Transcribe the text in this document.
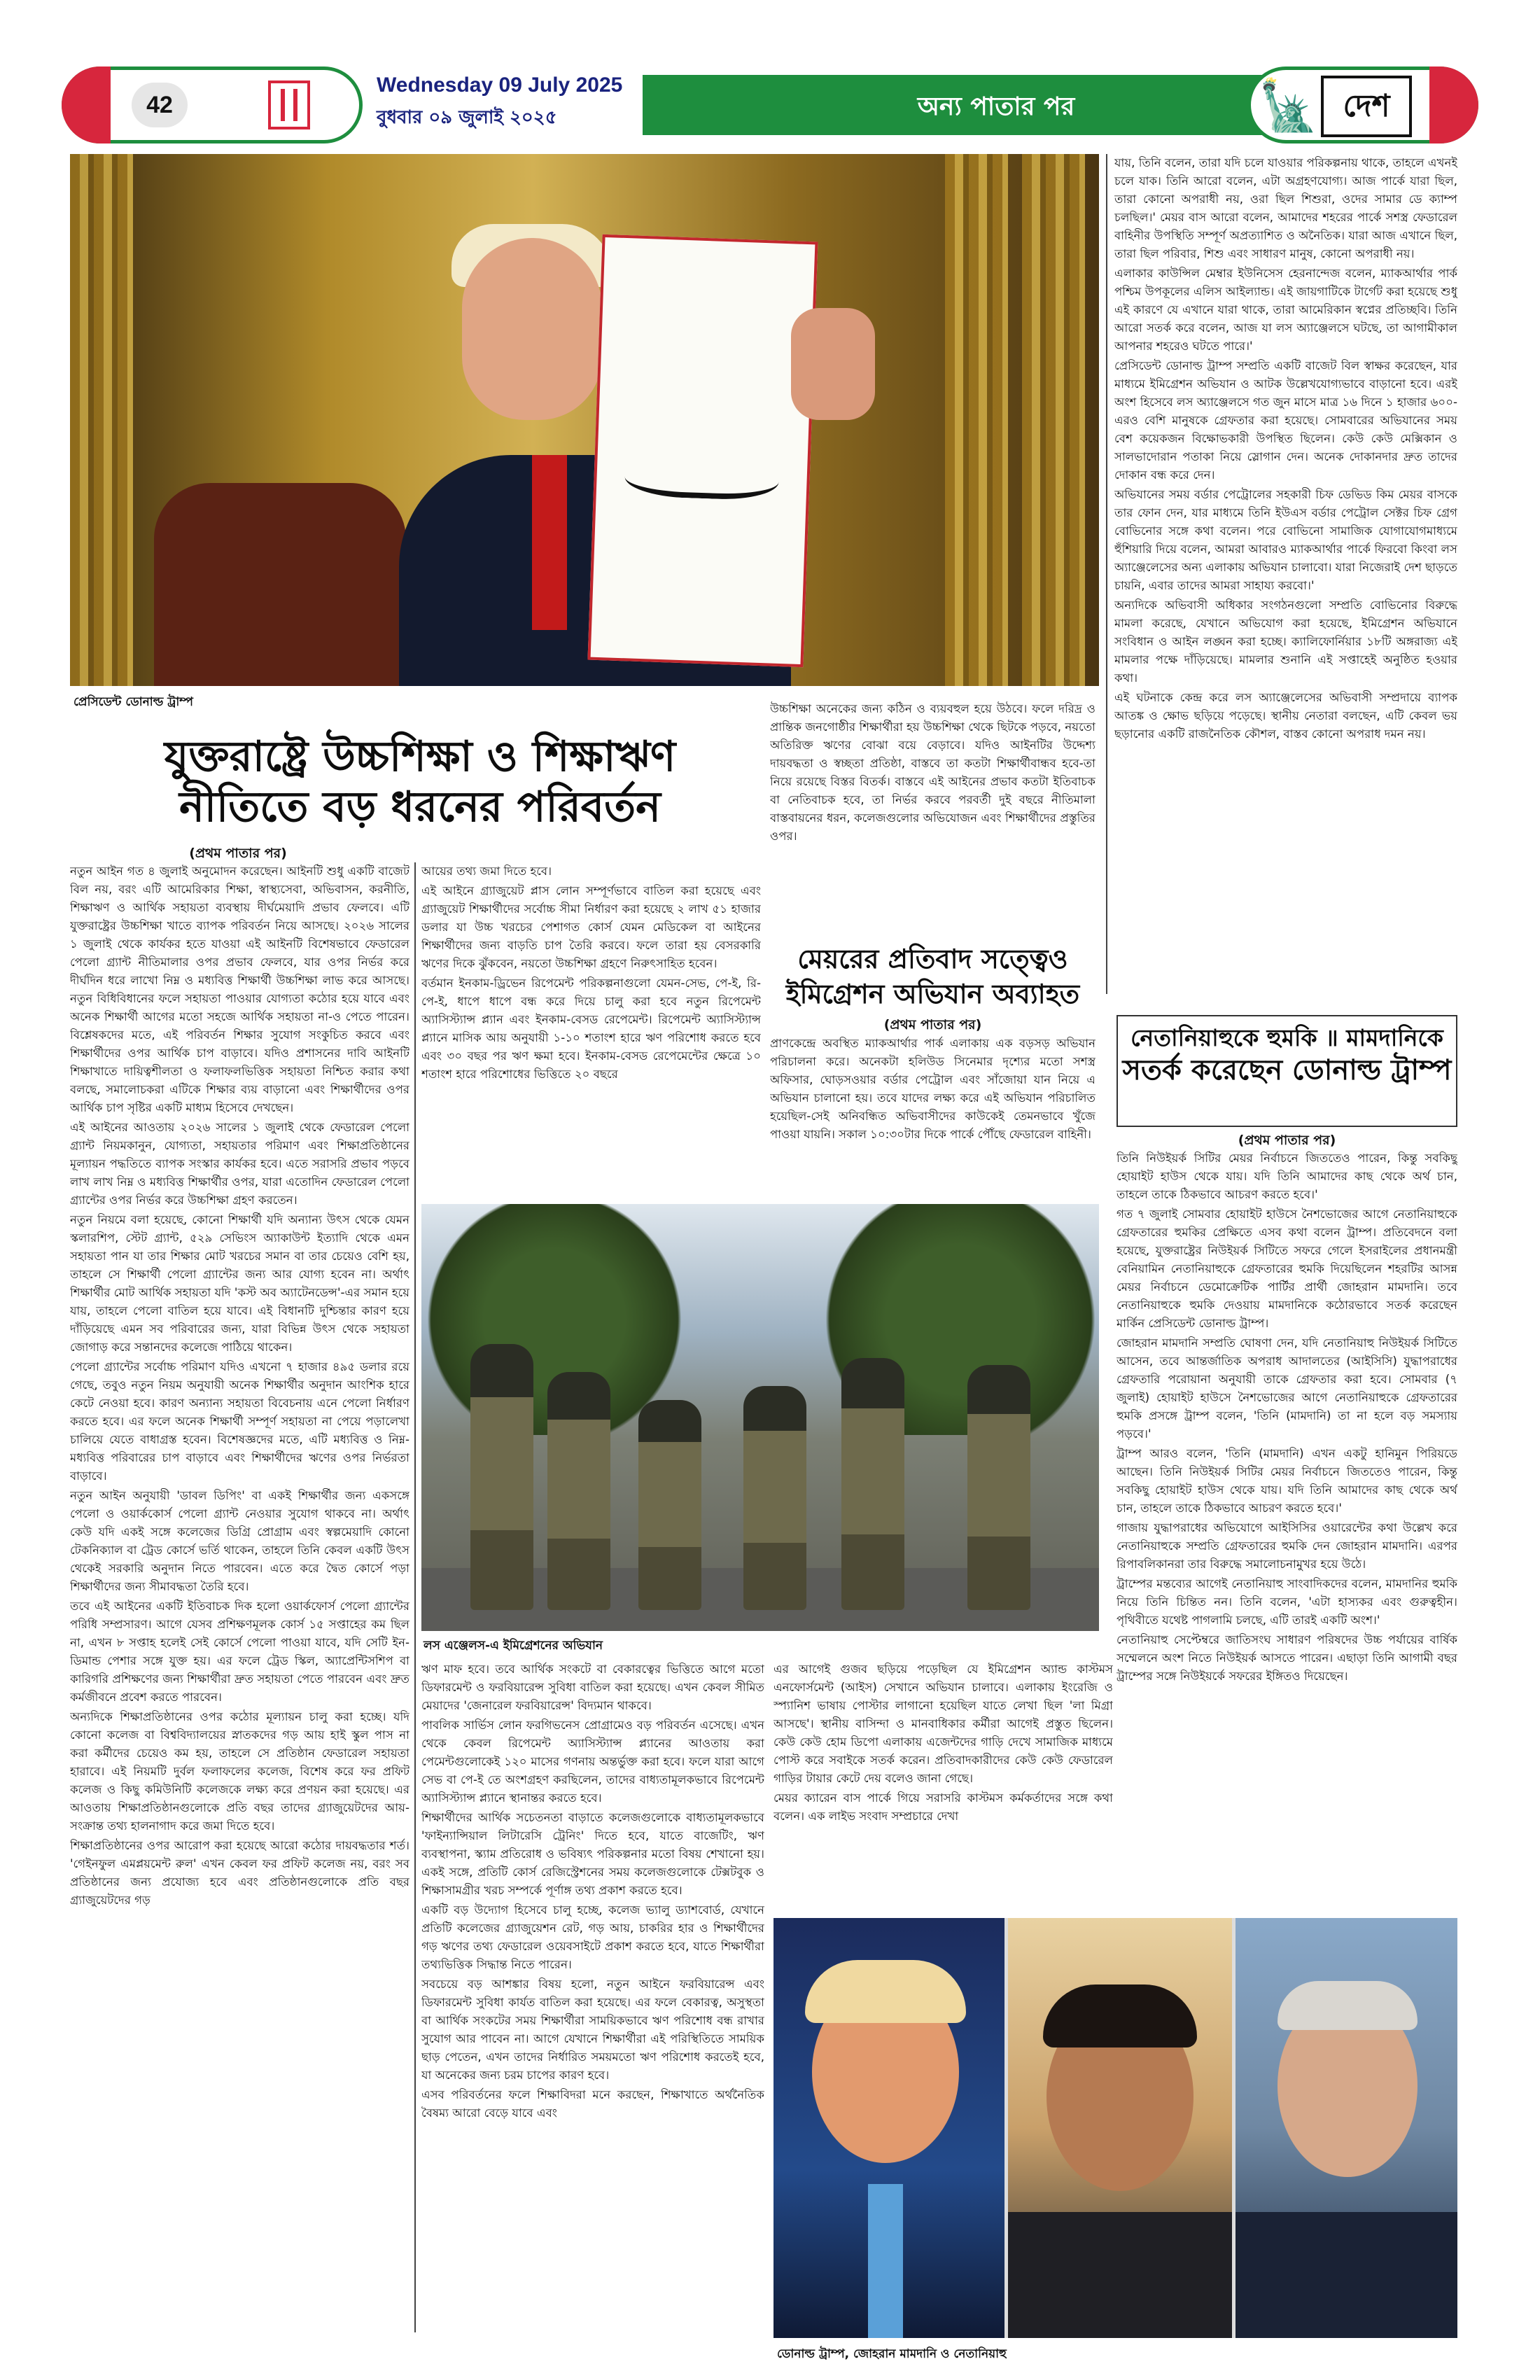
42
Wednesday 09 July 2025
বুধবার ০৯ জুলাই ২০২৫	অন্য পাতার পর	🗽 দেশ
প্রেসিডেন্ট ডোনাল্ড ট্রাম্প
যুক্তরাষ্ট্রে উচ্চশিক্ষা ও শিক্ষাঋণ
নীতিতে বড় ধরনের পরিবর্তন
(প্রথম পাতার পর)

নতুন আইন গত ৪ জুলাই অনুমোদন করেছেন। আইনটি শুধু একটি বাজেট বিল নয়, বরং এটি আমেরিকার শিক্ষা, স্বাস্থ্যসেবা, অভিবাসন, করনীতি, শিক্ষাঋণ ও আর্থিক সহায়তা ব্যবস্থায় দীর্ঘমেয়াদি প্রভাব ফেলবে। এটি যুক্তরাষ্ট্রের উচ্চশিক্ষা খাতে ব্যাপক পরিবর্তন নিয়ে আসছে। ২০২৬ সালের ১ জুলাই থেকে কার্যকর হতে যাওয়া এই আইনটি বিশেষভাবে ফেডারেল পেলো গ্র্যান্ট নীতিমালার ওপর প্রভাব ফেলবে, যার ওপর নির্ভর করে দীর্ঘদিন ধরে লাখো নিম্ন ও মধ্যবিত্ত শিক্ষার্থী উচ্চশিক্ষা লাভ করে আসছে। নতুন বিধিবিধানের ফলে সহায়তা পাওয়ার যোগ্যতা কঠোর হয়ে যাবে এবং অনেক শিক্ষার্থী আগের মতো সহজে আর্থিক সহায়তা না-ও পেতে পারেন। বিশ্লেষকদের মতে, এই পরিবর্তন শিক্ষার সুযোগ সংকুচিত করবে এবং শিক্ষার্থীদের ওপর আর্থিক চাপ বাড়াবে। যদিও প্রশাসনের দাবি আইনটি শিক্ষাখাতে দায়িত্বশীলতা ও ফলাফলভিত্তিক সহায়তা নিশ্চিত করার কথা বলছে, সমালোচকরা এটিকে শিক্ষার ব্যয় বাড়ানো এবং শিক্ষার্থীদের ওপর আর্থিক চাপ সৃষ্টির একটি মাধ্যম হিসেবে দেখছেন।

এই আইনের আওতায় ২০২৬ সালের ১ জুলাই থেকে ফেডারেল পেলো গ্র্যান্ট নিয়মকানুন, যোগ্যতা, সহায়তার পরিমাণ এবং শিক্ষাপ্রতিষ্ঠানের মূল্যায়ন পদ্ধতিতে ব্যাপক সংস্কার কার্যকর হবে। এতে সরাসরি প্রভাব পড়বে লাখ লাখ নিম্ন ও মধ্যবিত্ত শিক্ষার্থীর ওপর, যারা এতোদিন ফেডারেল পেলো গ্র্যান্টের ওপর নির্ভর করে উচ্চশিক্ষা গ্রহণ করতেন।

নতুন নিয়মে বলা হয়েছে, কোনো শিক্ষার্থী যদি অন্যান্য উৎস থেকে যেমন স্কলারশিপ, স্টেট গ্র্যান্ট, ৫২৯ সেভিংস অ্যাকাউন্ট ইত্যাদি থেকে এমন সহায়তা পান যা তার শিক্ষার মোট খরচের সমান বা তার চেয়েও বেশি হয়, তাহলে সে শিক্ষার্থী পেলো গ্র্যান্টের জন্য আর যোগ্য হবেন না। অর্থাৎ শিক্ষার্থীর মোট আর্থিক সহায়তা যদি 'কস্ট অব অ্যাটেনডেন্স'-এর সমান হয়ে যায়, তাহলে পেলো বাতিল হয়ে যাবে। এই বিধানটি দুশ্চিন্তার কারণ হয়ে দাঁড়িয়েছে এমন সব পরিবারের জন্য, যারা বিভিন্ন উৎস থেকে সহায়তা জোগাড় করে সন্তানদের কলেজে পাঠিয়ে থাকেন।

পেলো গ্র্যান্টের সর্বোচ্চ পরিমাণ যদিও এখনো ৭ হাজার ৪৯৫ ডলার রয়ে গেছে, তবুও নতুন নিয়ম অনুযায়ী অনেক শিক্ষার্থীর অনুদান আংশিক হারে কেটে নেওয়া হবে। কারণ অন্যান্য সহায়তা বিবেচনায় এনে পেলো নির্ধারণ করতে হবে। এর ফলে অনেক শিক্ষার্থী সম্পূর্ণ সহায়তা না পেয়ে পড়ালেখা চালিয়ে যেতে বাধাগ্রস্ত হবেন। বিশেষজ্ঞদের মতে, এটি মধ্যবিত্ত ও নিম্ন-মধ্যবিত্ত পরিবারের চাপ বাড়াবে এবং শিক্ষার্থীদের ঋণের ওপর নির্ভরতা বাড়াবে।

নতুন আইন অনুযায়ী 'ডাবল ডিপিং' বা একই শিক্ষার্থীর জন্য একসঙ্গে পেলো ও ওয়ার্ককোর্স পেলো গ্র্যান্ট নেওয়ার সুযোগ থাকবে না। অর্থাৎ কেউ যদি একই সঙ্গে কলেজের ডিগ্রি প্রোগ্রাম এবং স্বল্পমেয়াদি কোনো টেকনিক্যাল বা ট্রেড কোর্সে ভর্তি থাকেন, তাহলে তিনি কেবল একটি উৎস থেকেই সরকারি অনুদান নিতে পারবেন। এতে করে দ্বৈত কোর্সে পড়া শিক্ষার্থীদের জন্য সীমাবদ্ধতা তৈরি হবে।

তবে এই আইনের একটি ইতিবাচক দিক হলো ওয়ার্কফোর্স পেলো গ্র্যান্টের পরিধি সম্প্রসারণ। আগে যেসব প্রশিক্ষণমূলক কোর্স ১৫ সপ্তাহের কম ছিল না, এখন ৮ সপ্তাহ হলেই সেই কোর্সে পেলো পাওয়া যাবে, যদি সেটি ইন-ডিমান্ড পেশার সঙ্গে যুক্ত হয়। এর ফলে ট্রেড স্কিল, অ্যাপ্রেন্টিসশিপ বা কারিগরি প্রশিক্ষণের জন্য শিক্ষার্থীরা দ্রুত সহায়তা পেতে পারবেন এবং দ্রুত কর্মজীবনে প্রবেশ করতে পারবেন।

অন্যদিকে শিক্ষাপ্রতিষ্ঠানের ওপর কঠোর মূল্যায়ন চালু করা হচ্ছে। যদি কোনো কলেজ বা বিশ্ববিদ্যালয়ের স্নাতকদের গড় আয় হাই স্কুল পাস না করা কর্মীদের চেয়েও কম হয়, তাহলে সে প্রতিষ্ঠান ফেডারেল সহায়তা হারাবে। এই নিয়মটি দুর্বল ফলাফলের কলেজ, বিশেষ করে ফর প্রফিট কলেজ ও কিছু কমিউনিটি কলেজকে লক্ষ্য করে প্রণয়ন করা হয়েছে। এর আওতায় শিক্ষাপ্রতিষ্ঠানগুলোকে প্রতি বছর তাদের গ্র্যাজুয়েটদের আয়-সংক্রান্ত তথ্য হালনাগাদ করে জমা দিতে হবে।

শিক্ষাপ্রতিষ্ঠানের ওপর আরোপ করা হয়েছে আরো কঠোর দায়বদ্ধতার শর্ত। 'গেইনফুল এমপ্লয়মেন্ট রুল' এখন কেবল ফর প্রফিট কলেজ নয়, বরং সব প্রতিষ্ঠানের জন্য প্রযোজ্য হবে এবং প্রতিষ্ঠানগুলোকে প্রতি বছর গ্র্যাজুয়েটদের গড়

আয়ের তথ্য জমা দিতে হবে।

এই আইনে গ্র্যাজুয়েট প্লাস লোন সম্পূর্ণভাবে বাতিল করা হয়েছে এবং গ্র্যাজুয়েট শিক্ষার্থীদের সর্বোচ্চ সীমা নির্ধারণ করা হয়েছে ২ লাখ ৫১ হাজার ডলার যা উচ্চ খরচের পেশাগত কোর্স যেমন মেডিকেল বা আইনের শিক্ষার্থীদের জন্য বাড়তি চাপ তৈরি করবে। ফলে তারা হয় বেসরকারি ঋণের দিকে ঝুঁকবেন, নয়তো উচ্চশিক্ষা গ্রহণে নিরুৎসাহিত হবেন।

বর্তমান ইনকাম-ড্রিভেন রিপেমেন্ট পরিকল্পনাগুলো যেমন-সেভ, পে-ই, রি-পে-ই, ধাপে ধাপে বন্ধ করে দিয়ে চালু করা হবে নতুন রিপেমেন্ট অ্যাসিস্ট্যান্স প্ল্যান এবং ইনকাম-বেসড রেপেমেন্ট। রিপেমেন্ট অ্যাসিস্ট্যান্স প্ল্যানে মাসিক আয় অনুযায়ী ১-১০ শতাংশ হারে ঋণ পরিশোধ করতে হবে এবং ৩০ বছর পর ঋণ ক্ষমা হবে। ইনকাম-বেসড রেপেমেন্টের ক্ষেত্রে ১০ শতাংশ হারে পরিশোধের ভিত্তিতে ২০ বছরে

উচ্চশিক্ষা অনেকের জন্য কঠিন ও ব্যয়বহুল হয়ে উঠবে। ফলে দরিদ্র ও প্রান্তিক জনগোষ্ঠীর শিক্ষার্থীরা হয় উচ্চশিক্ষা থেকে ছিটকে পড়বে, নয়তো অতিরিক্ত ঋণের বোঝা বয়ে বেড়াবে। যদিও আইনটির উদ্দেশ্য দায়বদ্ধতা ও স্বচ্ছতা প্রতিষ্ঠা, বাস্তবে তা কতটা শিক্ষার্থীবান্ধব হবে-তা নিয়ে রয়েছে বিস্তর বিতর্ক। বাস্তবে এই আইনের প্রভাব কতটা ইতিবাচক বা নেতিবাচক হবে, তা নির্ভর করবে পরবর্তী দুই বছরে নীতিমালা বাস্তবায়নের ধরন, কলেজগুলোর অভিযোজন এবং শিক্ষার্থীদের প্রস্তুতির ওপর।

মেয়রের প্রতিবাদ সত্ত্বেও
ইমিগ্রেশন অভিযান অব্যাহত
(প্রথম পাতার পর)

প্রাণকেন্দ্রে অবস্থিত ম্যাকআর্থার পার্ক এলাকায় এক বড়সড় অভিযান পরিচালনা করে। অনেকটা হলিউড সিনেমার দৃশ্যের মতো সশস্ত্র অফিসার, ঘোড়সওয়ার বর্ডার পেট্রোল এবং সাঁজোয়া যান নিয়ে এ অভিযান চালানো হয়। তবে যাদের লক্ষ্য করে এই অভিযান পরিচালিত হয়েছিল-সেই অনিবন্ধিত অভিবাসীদের কাউকেই তেমনভাবে খুঁজে পাওয়া যায়নি। সকাল ১০:৩০টার দিকে পার্কে পৌঁছে ফেডারেল বাহিনী।

লস এঞ্জেলস-এ ইমিগ্রেশনের অভিযান

ঋণ মাফ হবে। তবে আর্থিক সংকটে বা বেকারত্বের ভিত্তিতে আগে মতো ডিফারমেন্ট ও ফরবিয়ারেন্স সুবিধা বাতিল করা হয়েছে। এখন কেবল সীমিত মেয়াদের 'জেনারেল ফরবিয়ারেন্স' বিদ্যমান থাকবে।

পাবলিক সার্ভিস লোন ফরগিভনেস প্রোগ্রামেও বড় পরিবর্তন এসেছে। এখন থেকে কেবল রিপেমেন্ট অ্যাসিস্ট্যান্স প্ল্যানের আওতায় করা পেমেন্টগুলোকেই ১২০ মাসের গণনায় অন্তর্ভুক্ত করা হবে। ফলে যারা আগে সেভ বা পে-ই তে অংশগ্রহণ করছিলেন, তাদের বাধ্যতামূলকভাবে রিপেমেন্ট অ্যাসিস্ট্যান্স প্ল্যানে স্থানান্তর করতে হবে।

শিক্ষার্থীদের আর্থিক সচেতনতা বাড়াতে কলেজগুলোকে বাধ্যতামূলকভাবে 'ফাইন্যান্সিয়াল লিটারেসি ট্রেনিং' দিতে হবে, যাতে বাজেটিং, ঋণ ব্যবস্থাপনা, স্ক্যাম প্রতিরোধ ও ভবিষ্যৎ পরিকল্পনার মতো বিষয় শেখানো হয়। একই সঙ্গে, প্রতিটি কোর্স রেজিস্ট্রেশনের সময় কলেজগুলোকে টেক্সটবুক ও শিক্ষাসামগ্রীর খরচ সম্পর্কে পূর্ণাঙ্গ তথ্য প্রকাশ করতে হবে।

একটি বড় উদ্যোগ হিসেবে চালু হচ্ছে, কলেজ ভ্যালু ড্যাশবোর্ড, যেখানে প্রতিটি কলেজের গ্র্যাজুয়েশন রেট, গড় আয়, চাকরির হার ও শিক্ষার্থীদের গড় ঋণের তথ্য ফেডারেল ওয়েবসাইটে প্রকাশ করতে হবে, যাতে শিক্ষার্থীরা তথ্যভিত্তিক সিদ্ধান্ত নিতে পারেন।

সবচেয়ে বড় আশঙ্কার বিষয় হলো, নতুন আইনে ফরবিয়ারেন্স এবং ডিফারমেন্ট সুবিধা কার্যত বাতিল করা হয়েছে। এর ফলে বেকারত্ব, অসুস্থতা বা আর্থিক সংকটের সময় শিক্ষার্থীরা সাময়িকভাবে ঋণ পরিশোধ বন্ধ রাখার সুযোগ আর পাবেন না। আগে যেখানে শিক্ষার্থীরা এই পরিস্থিতিতে সাময়িক ছাড় পেতেন, এখন তাদের নির্ধারিত সময়মতো ঋণ পরিশোধ করতেই হবে, যা অনেকের জন্য চরম চাপের কারণ হবে।

এসব পরিবর্তনের ফলে শিক্ষাবিদরা মনে করছেন, শিক্ষাখাতে অর্থনৈতিক বৈষম্য আরো বেড়ে যাবে এবং

এর আগেই গুজব ছড়িয়ে পড়েছিল যে ইমিগ্রেশন অ্যান্ড কাস্টমস এনফোর্সমেন্ট (আইস) সেখানে অভিযান চালাবে। এলাকায় ইংরেজি ও স্প্যানিশ ভাষায় পোস্টার লাগানো হয়েছিল যাতে লেখা ছিল 'লা মিগ্রা আসছে'। স্থানীয় বাসিন্দা ও মানবাধিকার কর্মীরা আগেই প্রস্তুত ছিলেন। কেউ কেউ হোম ডিপো এলাকায় এজেন্টদের গাড়ি দেখে সামাজিক মাধ্যমে পোস্ট করে সবাইকে সতর্ক করেন। প্রতিবাদকারীদের কেউ কেউ ফেডারেল গাড়ির টায়ার কেটে দেয় বলেও জানা গেছে।

মেয়র ক্যারেন বাস পার্কে গিয়ে সরাসরি কাস্টমস কর্মকর্তাদের সঙ্গে কথা বলেন। এক লাইভ সংবাদ সম্প্রচারে দেখা

যায়, তিনি বলেন, তারা যদি চলে যাওয়ার পরিকল্পনায় থাকে, তাহলে এখনই চলে যাক। তিনি আরো বলেন, এটা অগ্রহণযোগ্য। আজ পার্কে যারা ছিল, তারা কোনো অপরাধী নয়, ওরা ছিল শিশুরা, ওদের সামার ডে ক্যাম্প চলছিল।' মেয়র বাস আরো বলেন, আমাদের শহরের পার্কে সশস্ত্র ফেডারেল বাহিনীর উপস্থিতি সম্পূর্ণ অপ্রত্যাশিত ও অনৈতিক। যারা আজ এখানে ছিল, তারা ছিল পরিবার, শিশু এবং সাধারণ মানুষ, কোনো অপরাধী নয়।

এলাকার কাউন্সিল মেম্বার ইউনিসেস হেরনান্দেজ বলেন, ম্যাকআর্থার পার্ক পশ্চিম উপকূলের এলিস আইল্যান্ড। এই জায়গাটিকে টার্গেট করা হয়েছে শুধু এই কারণে যে এখানে যারা থাকে, তারা আমেরিকান স্বপ্নের প্রতিচ্ছবি। তিনি আরো সতর্ক করে বলেন, আজ যা লস অ্যাঞ্জেলসে ঘটছে, তা আগামীকাল আপনার শহরেও ঘটতে পারে।'

প্রেসিডেন্ট ডোনাল্ড ট্রাম্প সম্প্রতি একটি বাজেট বিল স্বাক্ষর করেছেন, যার মাধ্যমে ইমিগ্রেশন অভিযান ও আটক উল্লেখযোগ্যভাবে বাড়ানো হবে। এরই অংশ হিসেবে লস অ্যাঞ্জেলসে গত জুন মাসে মাত্র ১৬ দিনে ১ হাজার ৬০০-এরও বেশি মানুষকে গ্রেফতার করা হয়েছে। সোমবারের অভিযানের সময় বেশ কয়েকজন বিক্ষোভকারী উপস্থিত ছিলেন। কেউ কেউ মেক্সিকান ও সালভাদোরান পতাকা নিয়ে স্লোগান দেন। অনেক দোকানদার দ্রুত তাদের দোকান বন্ধ করে দেন।

অভিযানের সময় বর্ডার পেট্রোলের সহকারী চিফ ডেভিড কিম মেয়র বাসকে তার ফোন দেন, যার মাধ্যমে তিনি ইউএস বর্ডার পেট্রোল সেক্টর চিফ গ্রেগ বোভিনোর সঙ্গে কথা বলেন। পরে বোভিনো সামাজিক যোগাযোগমাধ্যমে হুঁশিয়ারি দিয়ে বলেন, আমরা আবারও ম্যাকআর্থার পার্কে ফিরবো কিংবা লস অ্যাঞ্জেলেসের অন্য এলাকায় অভিযান চালাবো। যারা নিজেরাই দেশ ছাড়তে চায়নি, এবার তাদের আমরা সাহায্য করবো।'

অন্যদিকে অভিবাসী অধিকার সংগঠনগুলো সম্প্রতি বোভিনোর বিরুদ্ধে মামলা করেছে, যেখানে অভিযোগ করা হয়েছে, ইমিগ্রেশন অভিযানে সংবিধান ও আইন লঙ্ঘন করা হচ্ছে। ক্যালিফোর্নিয়ার ১৮টি অঙ্গরাজ্য এই মামলার পক্ষে দাঁড়িয়েছে। মামলার শুনানি এই সপ্তাহেই অনুষ্ঠিত হওয়ার কথা।

এই ঘটনাকে কেন্দ্র করে লস অ্যাঞ্জেলেসের অভিবাসী সম্প্রদায়ে ব্যাপক আতঙ্ক ও ক্ষোভ ছড়িয়ে পড়েছে। স্থানীয় নেতারা বলছেন, এটি কেবল ভয় ছড়ানোর একটি রাজনৈতিক কৌশল, বাস্তব কোনো অপরাধ দমন নয়।

নেতানিয়াহুকে হুমকি ॥ মামদানিকে
সতর্ক করেছেন ডোনাল্ড ট্রাম্প
(প্রথম পাতার পর)

তিনি নিউইয়র্ক সিটির মেয়র নির্বাচনে জিততেও পারেন, কিন্তু সবকিছু হোয়াইট হাউস থেকে যায়। যদি তিনি আমাদের কাছ থেকে অর্থ চান, তাহলে তাকে ঠিকভাবে আচরণ করতে হবে।'

গত ৭ জুলাই সোমবার হোয়াইট হাউসে নৈশভোজের আগে নেতানিয়াহুকে গ্রেফতারের হুমকির প্রেক্ষিতে এসব কথা বলেন ট্রাম্প। প্রতিবেদনে বলা হয়েছে, যুক্তরাষ্ট্রের নিউইয়র্ক সিটিতে সফরে গেলে ইসরাইলের প্রধানমন্ত্রী বেনিয়ামিন নেতানিয়াহুকে গ্রেফতারের হুমকি দিয়েছিলেন শহরটির আসন্ন মেয়র নির্বাচনে ডেমোক্রেটিক পার্টির প্রার্থী জোহরান মামদানি। তবে নেতানিয়াহুকে হুমকি দেওয়ায় মামদানিকে কঠোরভাবে সতর্ক করেছেন মার্কিন প্রেসিডেন্ট ডোনাল্ড ট্রাম্প।

জোহরান মামদানি সম্প্রতি ঘোষণা দেন, যদি নেতানিয়াহু নিউইয়র্ক সিটিতে আসেন, তবে আন্তর্জাতিক অপরাধ আদালতের (আইসিসি) যুদ্ধাপরাধের গ্রেফতারি পরোয়ানা অনুযায়ী তাকে গ্রেফতার করা হবে। সোমবার (৭ জুলাই) হোয়াইট হাউসে নৈশভোজের আগে নেতানিয়াহুকে গ্রেফতারের হুমকি প্রসঙ্গে ট্রাম্প বলেন, 'তিনি (মামদানি) তা না হলে বড় সমস্যায় পড়বে।'

ট্রাম্প আরও বলেন, 'তিনি (মামদানি) এখন একটু হানিমুন পিরিয়ডে আছেন। তিনি নিউইয়র্ক সিটির মেয়র নির্বাচনে জিততেও পারেন, কিন্তু সবকিছু হোয়াইট হাউস থেকে যায়। যদি তিনি আমাদের কাছ থেকে অর্থ চান, তাহলে তাকে ঠিকভাবে আচরণ করতে হবে।'

গাজায় যুদ্ধাপরাধের অভিযোগে আইসিসির ওয়ারেন্টের কথা উল্লেখ করে নেতানিয়াহুকে সম্প্রতি গ্রেফতারের হুমকি দেন জোহরান মামদানি। এরপর রিপাবলিকানরা তার বিরুদ্ধে সমালোচনামুখর হয়ে উঠে।

ট্রাম্পের মন্তব্যের আগেই নেতানিয়াহু সাংবাদিকদের বলেন, মামদানির হুমকি নিয়ে তিনি চিন্তিত নন। তিনি বলেন, 'এটা হাস্যকর এবং গুরুত্বহীন। পৃথিবীতে যথেষ্ট পাগলামি চলছে, এটি তারই একটি অংশ।'

নেতানিয়াহু সেপ্টেম্বরে জাতিসংঘ সাধারণ পরিষদের উচ্চ পর্যায়ের বার্ষিক সম্মেলনে অংশ নিতে নিউইয়র্ক আসতে পারেন। এছাড়া তিনি আগামী বছর ট্রাম্পের সঙ্গে নিউইয়র্কে সফরের ইঙ্গিতও দিয়েছেন।

ডোনাল্ড ট্রাম্প, জোহরান মামদানি ও নেতানিয়াহু
